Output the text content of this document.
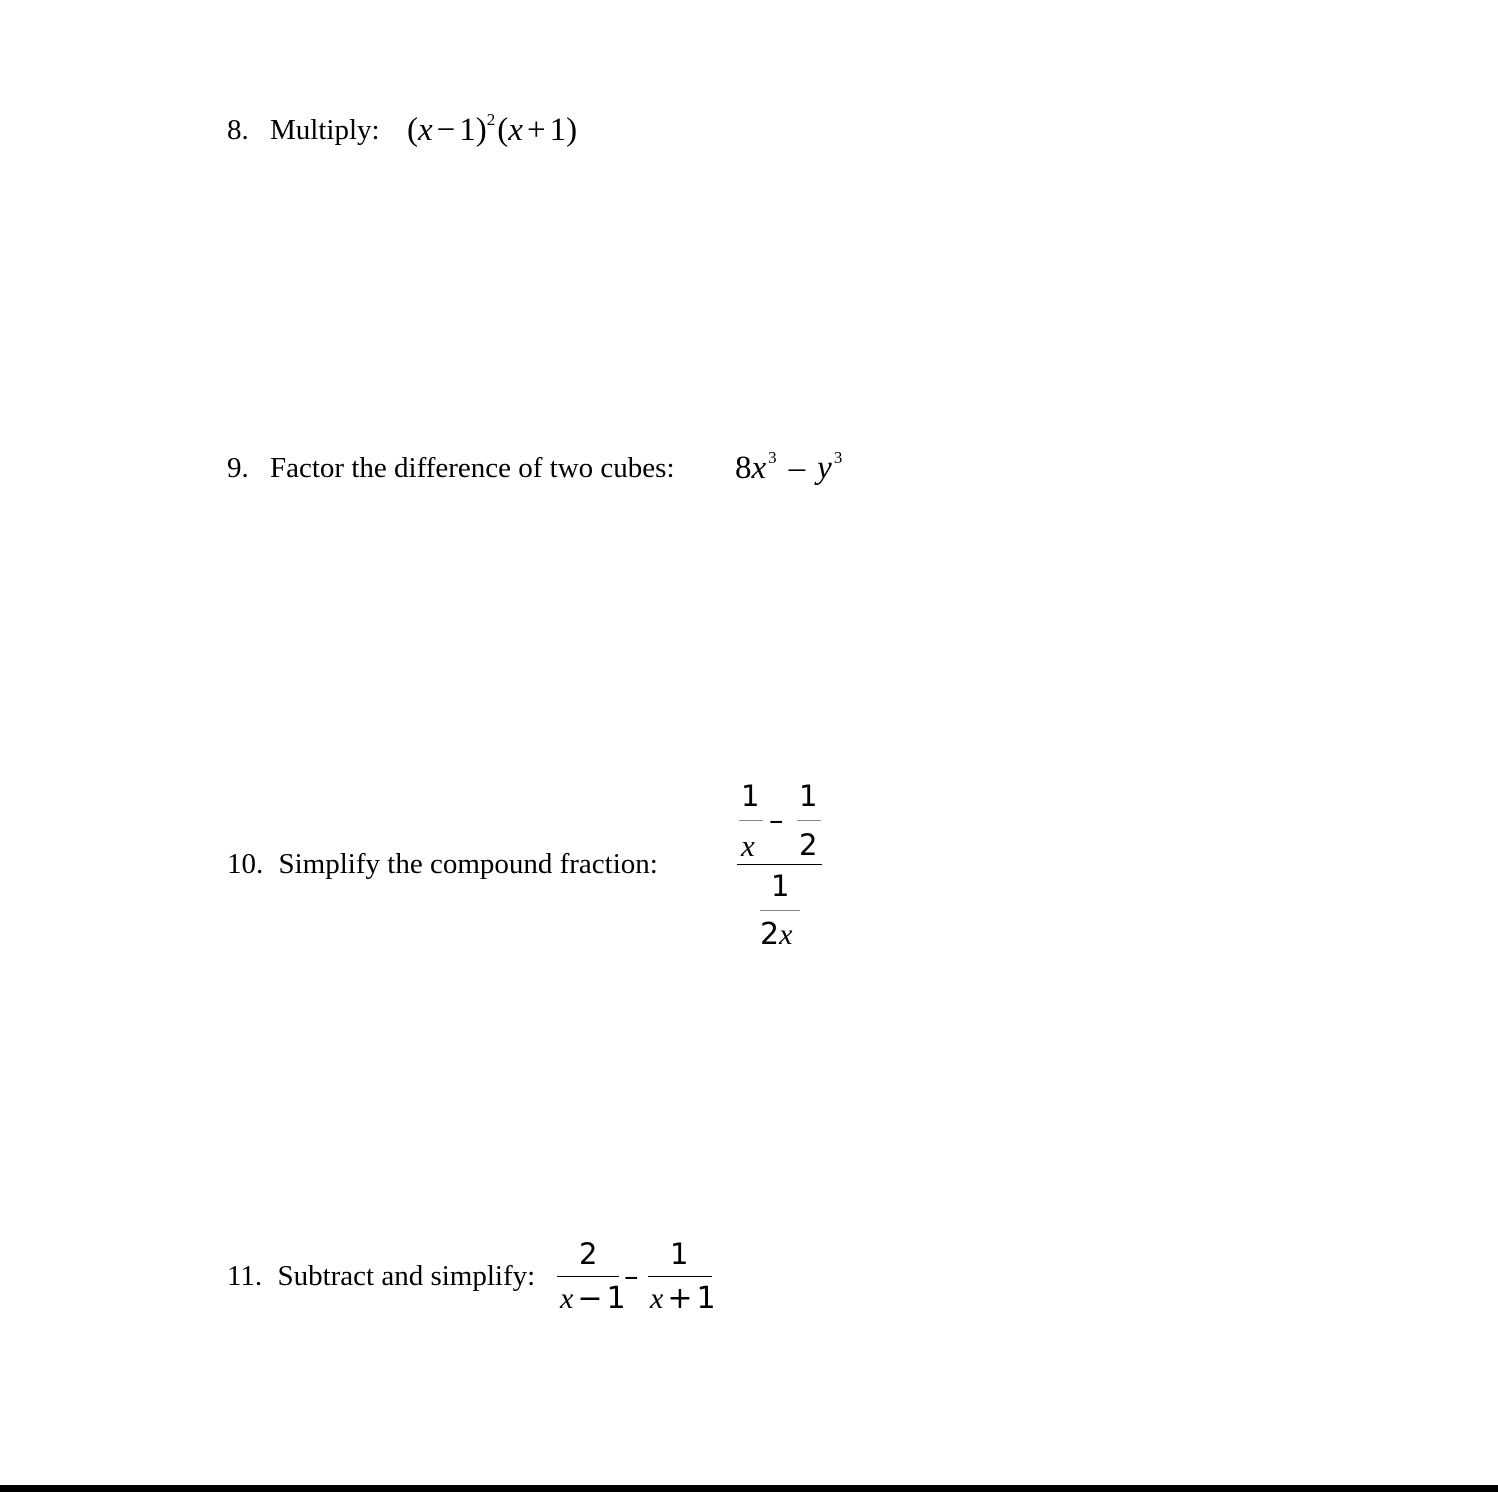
8. Multiply: $(x - 1)^2(x + 1)$
9. Factor the difference of two cubes: 8x $^3$ – y $^3$
10. Simplify the compound fraction:
1
x
–
1
2
1
2x
11. Subtract and simplify:
2
x − 1
–
1
x + 1
